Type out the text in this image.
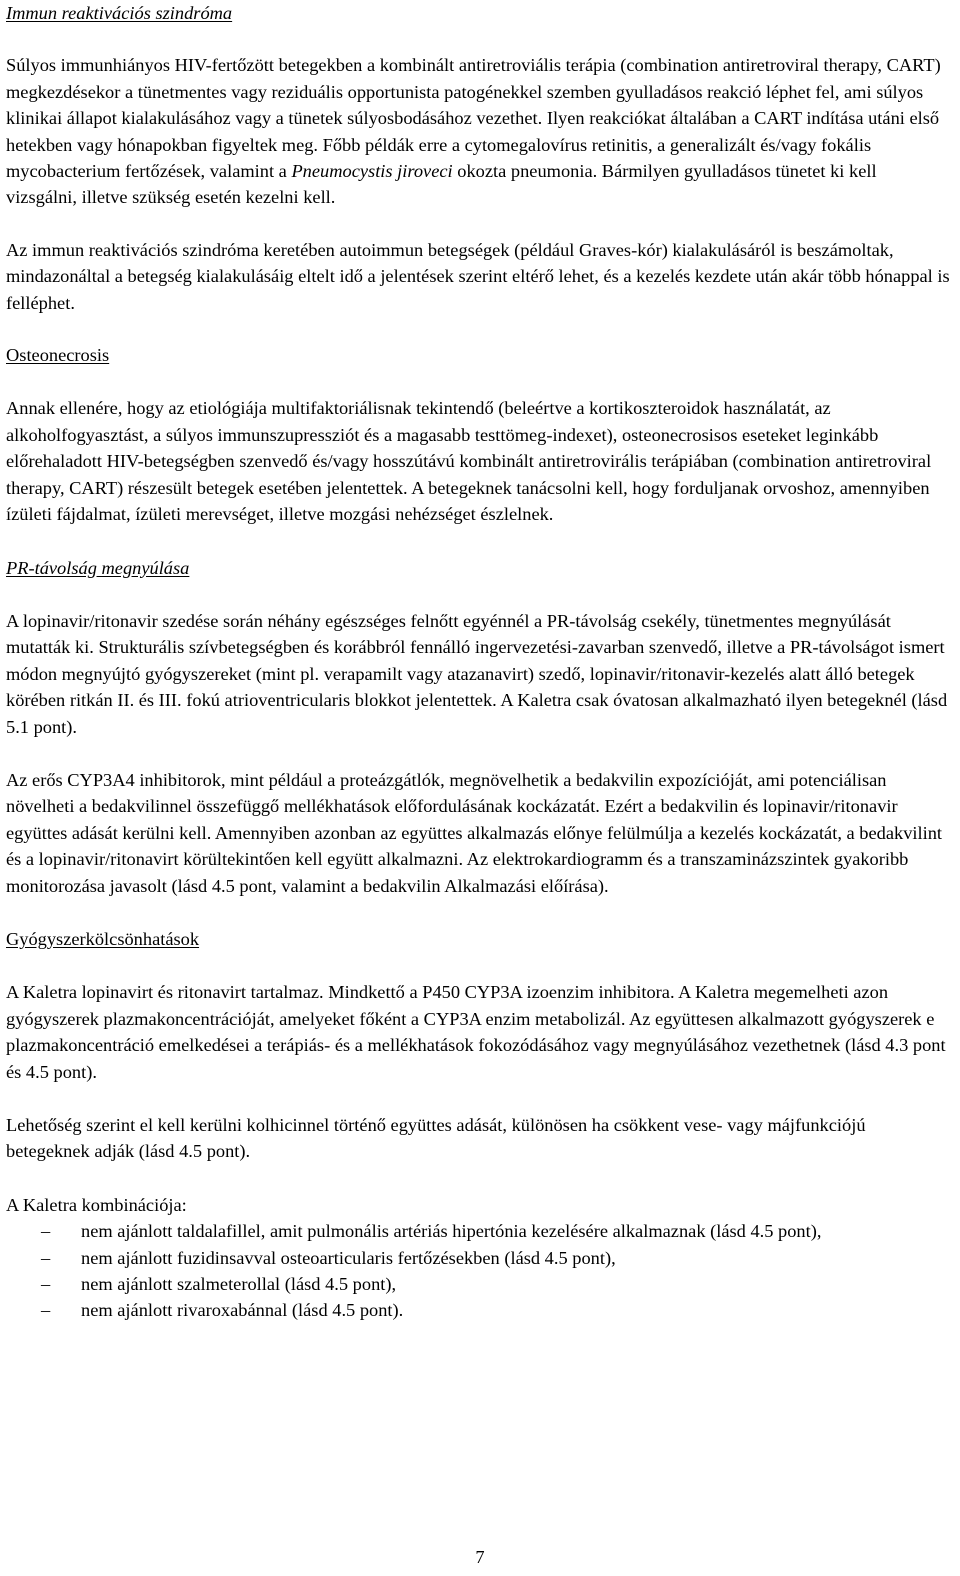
Immun reaktivációs szindróma

Súlyos immunhiányos HIV-fertőzött betegekben a kombinált antiretroviális terápia (combination antiretroviral therapy, CART) megkezdésekor a tünetmentes vagy reziduális opportunista patogénekkel szemben gyulladásos reakció léphet fel, ami súlyos klinikai állapot kialakulásához vagy a tünetek súlyosbodásához vezethet. Ilyen reakciókat általában a CART indítása utáni első hetekben vagy hónapokban figyeltek meg. Főbb példák erre a cytomegalovírus retinitis, a generalizált és/vagy fokális mycobacterium fertőzések, valamint a Pneumocystis jiroveci okozta pneumonia. Bármilyen gyulladásos tünetet ki kell vizsgálni, illetve szükség esetén kezelni kell.

Az immun reaktivációs szindróma keretében autoimmun betegségek (például Graves-kór) kialakulásáról is beszámoltak, mindazonáltal a betegség kialakulásáig eltelt idő a jelentések szerint eltérő lehet, és a kezelés kezdete után akár több hónappal is felléphet.

Osteonecrosis

Annak ellenére, hogy az etiológiája multifaktoriálisnak tekintendő (beleértve a kortikoszteroidok használatát, az alkoholfogyasztást, a súlyos immunszupressziót és a magasabb testtömeg-indexet), osteonecrosisos eseteket leginkább előrehaladott HIV-betegségben szenvedő és/vagy hosszútávú kombinált antiretrovirális terápiában (combination antiretroviral therapy, CART) részesült betegek esetében jelentettek. A betegeknek tanácsolni kell, hogy forduljanak orvoshoz, amennyiben ízületi fájdalmat, ízületi merevséget, illetve mozgási nehézséget észlelnek.

PR-távolság megnyúlása

A lopinavir/ritonavir szedése során néhány egészséges felnőtt egyénnél a PR-távolság csekély, tünetmentes megnyúlását mutatták ki. Strukturális szívbetegségben és korábbról fennálló ingervezetési-zavarban szenvedő, illetve a PR-távolságot ismert módon megnyújtó gyógyszereket (mint pl. verapamilt vagy atazanavirt) szedő, lopinavir/ritonavir-kezelés alatt álló betegek körében ritkán II. és III. fokú atrioventricularis blokkot jelentettek. A Kaletra csak óvatosan alkalmazható ilyen betegeknél (lásd 5.1 pont).

Az erős CYP3A4 inhibitorok, mint például a proteázgátlók, megnövelhetik a bedakvilin expozícióját, ami potenciálisan növelheti a bedakvilinnel összefüggő mellékhatások előfordulásának kockázatát. Ezért a bedakvilin és lopinavir/ritonavir együttes adását kerülni kell. Amennyiben azonban az együttes alkalmazás előnye felülmúlja a kezelés kockázatát, a bedakvilint és a lopinavir/ritonavirt körültekintően kell együtt alkalmazni. Az elektrokardiogramm és a transzaminázszintek gyakoribb monitorozása javasolt (lásd 4.5 pont, valamint a bedakvilin Alkalmazási előírása).

Gyógyszerkölcsönhatások

A Kaletra lopinavirt és ritonavirt tartalmaz. Mindkettő a P450 CYP3A izoenzim inhibitora. A Kaletra megemelheti azon gyógyszerek plazmakoncentrációját, amelyeket főként a CYP3A enzim metabolizál. Az együttesen alkalmazott gyógyszerek e plazmakoncentráció emelkedései a terápiás- és a mellékhatások fokozódásához vagy megnyúlásához vezethetnek (lásd 4.3 pont és 4.5 pont).

Lehetőség szerint el kell kerülni kolhicinnel történő együttes adását, különösen ha csökkent vese- vagy májfunkciójú betegeknek adják (lásd 4.5 pont).

A Kaletra kombinációja:

– nem ajánlott taldalafillel, amit pulmonális artériás hipertónia kezelésére alkalmaznak (lásd 4.5 pont),
– nem ajánlott fuzidinsavval osteoarticularis fertőzésekben (lásd 4.5 pont),
– nem ajánlott szalmeterollal (lásd 4.5 pont),
– nem ajánlott rivaroxabánnal (lásd 4.5 pont).
7
